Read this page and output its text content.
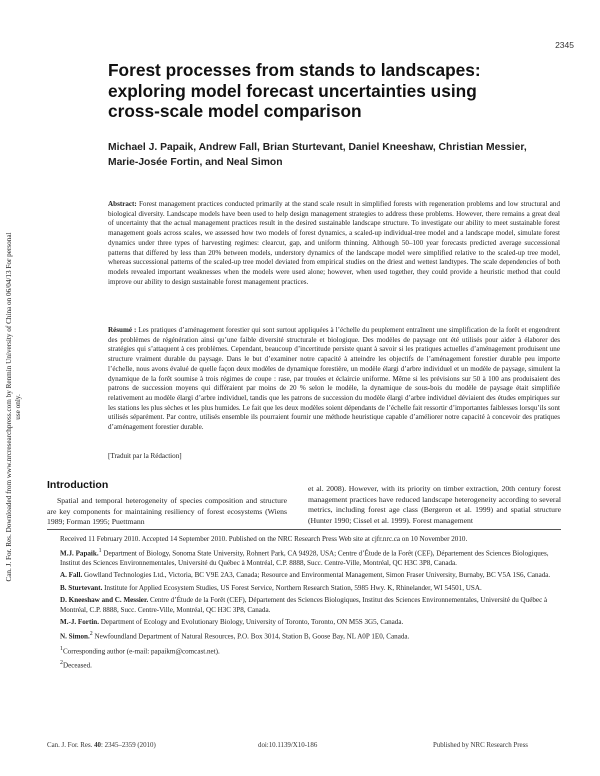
2345
Can. J. For. Res. Downloaded from www.nrcresearchpress.com by Renmin University of China on 06/04/13 For personal use only.
Forest processes from stands to landscapes: exploring model forecast uncertainties using cross-scale model comparison
Michael J. Papaik, Andrew Fall, Brian Sturtevant, Daniel Kneeshaw, Christian Messier, Marie-Josée Fortin, and Neal Simon
Abstract: Forest management practices conducted primarily at the stand scale result in simplified forests with regeneration problems and low structural and biological diversity. Landscape models have been used to help design management strategies to address these problems. However, there remains a great deal of uncertainty that the actual management practices result in the desired sustainable landscape structure. To investigate our ability to meet sustainable forest management goals across scales, we assessed how two models of forest dynamics, a scaled-up individual-tree model and a landscape model, simulate forest dynamics under three types of harvesting regimes: clearcut, gap, and uniform thinning. Although 50–100 year forecasts predicted average successional patterns that differed by less than 20% between models, understory dynamics of the landscape model were simplified relative to the scaled-up tree model, whereas successional patterns of the scaled-up tree model deviated from empirical studies on the driest and wettest landtypes. The scale dependencies of both models revealed important weaknesses when the models were used alone; however, when used together, they could provide a heuristic method that could improve our ability to design sustainable forest management practices.
Résumé : Les pratiques d’aménagement forestier qui sont surtout appliquées à l’échelle du peuplement entraînent une simplification de la forêt et engendrent des problèmes de régénération ainsi qu’une faible diversité structurale et biologique. Des modèles de paysage ont été utilisés pour aider à élaborer des stratégies qui s’attaquent à ces problèmes. Cependant, beaucoup d’incertitude persiste quant à savoir si les pratiques actuelles d’aménagement produisent une structure vraiment durable du paysage. Dans le but d’examiner notre capacité à atteindre les objectifs de l’aménagement forestier durable peu importe l’échelle, nous avons évalué de quelle façon deux modèles de dynamique forestière, un modèle élargi d’arbre individuel et un modèle de paysage, simulent la dynamique de la forêt soumise à trois régimes de coupe : rase, par trouées et éclaircie uniforme. Même si les prévisions sur 50 à 100 ans produisaient des patrons de succession moyens qui différaient par moins de 20 % selon le modèle, la dynamique de sous-bois du modèle de paysage était simplifiée relativement au modèle élargi d’arbre individuel, tandis que les patrons de succession du modèle élargi d’arbre individuel déviaient des études empiriques sur les stations les plus sèches et les plus humides. Le fait que les deux modèles soient dépendants de l’échelle fait ressortir d’importantes faiblesses lorsqu’ils sont utilisés séparément. Par contre, utilisés ensemble ils pourraient fournir une méthode heuristique capable d’améliorer notre capacité à concevoir des pratiques d’aménagement forestier durable.
[Traduit par la Rédaction]
Introduction
Spatial and temporal heterogeneity of species composition and structure are key components for maintaining resiliency of forest ecosystems (Wiens 1989; Forman 1995; Puettmann
et al. 2008). However, with its priority on timber extraction, 20th century forest management practices have reduced landscape heterogeneity according to several metrics, including forest age class (Bergeron et al. 1999) and spatial structure (Hunter 1990; Cissel et al. 1999). Forest management

Received 11 February 2010. Accepted 14 September 2010. Published on the NRC Research Press Web site at cjfr.nrc.ca on 10 November 2010.

M.J. Papaik.$^1$ Department of Biology, Sonoma State University, Rohnert Park, CA 94928, USA; Centre d’Étude de la Forêt (CEF), Département des Sciences Biologiques, Institut des Sciences Environnementales, Université du Québec à Montréal, C.P. 8888, Succ. Centre-Ville, Montréal, QC H3C 3P8, Canada.

A. Fall. Gowlland Technologies Ltd., Victoria, BC V9E 2A3, Canada; Resource and Environmental Management, Simon Fraser University, Burnaby, BC V5A 1S6, Canada.

B. Sturtevant. Institute for Applied Ecosystem Studies, US Forest Service, Northern Research Station, 5985 Hwy. K, Rhinelander, WI 54501, USA.

D. Kneeshaw and C. Messier. Centre d’Étude de la Forêt (CEF), Département des Sciences Biologiques, Institut des Sciences Environnementales, Université du Québec à Montréal, C.P. 8888, Succ. Centre-Ville, Montréal, QC H3C 3P8, Canada.

M.-J. Fortin. Department of Ecology and Evolutionary Biology, University of Toronto, Toronto, ON M5S 3G5, Canada.

N. Simon.$^2$ Newfoundland Department of Natural Resources, P.O. Box 3014, Station B, Goose Bay, NL A0P 1E0, Canada.

$^1$Corresponding author (e-mail: papaikm@comcast.net).

$^2$Deceased.

Can. J. For. Res. 40: 2345–2359 (2010)	doi:10.1139/X10-186	Published by NRC Research Press
